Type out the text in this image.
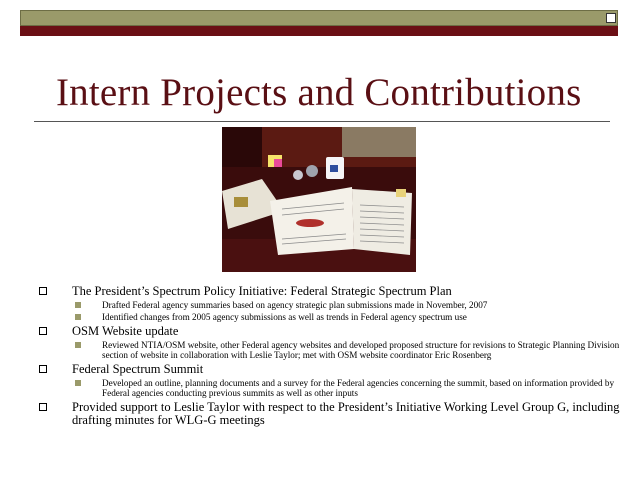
Intern Projects and Contributions
The President’s Spectrum Policy Initiative: Federal Strategic Spectrum Plan
Drafted Federal agency summaries based on agency strategic plan submissions made in November, 2007
Identified changes from 2005 agency submissions as well as trends in Federal agency spectrum use
OSM Website update
Reviewed NTIA/OSM website, other Federal agency websites and developed proposed structure for revisions to Strategic Planning Division section of website in collaboration with Leslie Taylor; met with OSM website coordinator Eric Rosenberg
Federal Spectrum Summit
Developed an outline, planning documents and a survey for the Federal agencies concerning the summit, based on information provided by Federal agencies conducting previous summits as well as other inputs
Provided support to Leslie Taylor with respect to the President’s Initiative Working Level Group G, including drafting minutes for WLG-G meetings
